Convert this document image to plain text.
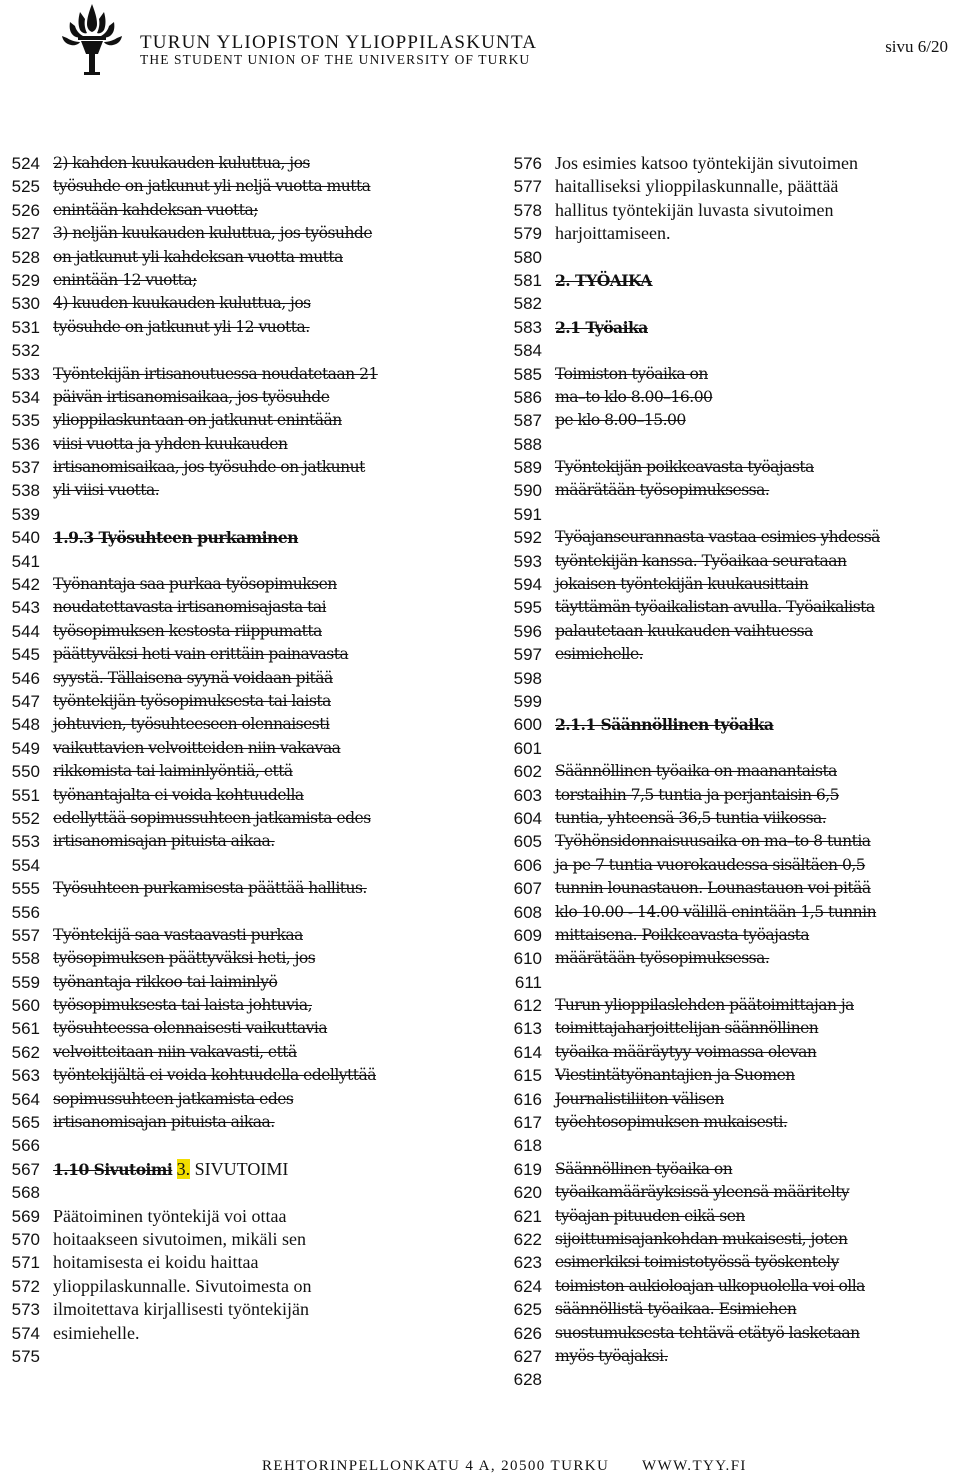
TURUN YLIOPISTON YLIOPPILASKUNTA
THE STUDENT UNION OF THE UNIVERSITY OF TURKU
sivu 6/20
524 2) kahden kuukauden kuluttua, jos
525 työsuhde on jatkunut yli neljä vuotta mutta
526 enintään kahdeksan vuotta;
527 3) neljän kuukauden kuluttua, jos työsuhde
528 on jatkunut yli kahdeksan vuotta mutta
529 enintään 12 vuotta;
530 4) kuuden kuukauden kuluttua, jos
531 työsuhde on jatkunut yli 12 vuotta.
532
533 Työntekijän irtisanoutuessa noudatetaan 21
534 päivän irtisanomisaikaa, jos työsuhde
535 ylioppilaskuntaan on jatkunut enintään
536 viisi vuotta ja yhden kuukauden
537 irtisanomisaikaa, jos työsuhde on jatkunut
538 yli viisi vuotta.
539
540 1.9.3 Työsuhteen purkaminen
541
542 Työnantaja saa purkaa työsopimuksen
543 noudatettavasta irtisanomisajasta tai
544 työsopimuksen kestosta riippumatta
545 päättyväksi heti vain erittäin painavasta
546 syystä. Tällaisena syynä voidaan pitää
547 työntekijän työsopimuksesta tai laista
548 johtuvien, työsuhteeseen olennaisesti
549 vaikuttavien velvoitteiden niin vakavaa
550 rikkomista tai laiminlyöntiä, että
551 työnantajalta ei voida kohtuudella
552 edellyttää sopimussuhteen jatkamista edes
553 irtisanomisajan pituista aikaa.
554
555 Työsuhteen purkamisesta päättää hallitus.
556
557 Työntekijä saa vastaavasti purkaa
558 työsopimuksen päättyväksi heti, jos
559 työnantaja rikkoo tai laiminlyö
560 työsopimuksesta tai laista johtuvia,
561 työsuhteessa olennaisesti vaikuttavia
562 velvoitteitaan niin vakavasti, että
563 työntekijältä ei voida kohtuudella edellyttää
564 sopimussuhteen jatkamista edes
565 irtisanomisajan pituista aikaa.
566
567 1.10 Sivutoimi 3. SIVUTOIMI
568
569 Päätoiminen työntekijä voi ottaa
570 hoitaakseen sivutoimen, mikäli sen
571 hoitamisesta ei koidu haittaa
572 ylioppilaskunnalle. Sivutoimesta on
573 ilmoitettava kirjallisesti työntekijän
574 esimiehelle.
575
576 Jos esimies katsoo työntekijän sivutoimen
577 haitalliseksi ylioppilaskunnalle, päättää
578 hallitus työntekijän luvasta sivutoimen
579 harjoittamiseen.
580
581 2. TYÖAIKA
582
583 2.1 Työaika
584
585 Toimiston työaika on
586 ma–to klo 8.00–16.00
587 pe klo 8.00–15.00
588
589 Työntekijän poikkeavasta työajasta
590 määrätään työsopimuksessa.
591
592 Työajanseurannasta vastaa esimies yhdessä
593 työntekijän kanssa. Työaikaa seurataan
594 jokaisen työntekijän kuukausittain
595 täyttämän työaikalistan avulla. Työaikalista
596 palautetaan kuukauden vaihtuessa
597 esimiehelle.
598
599
600 2.1.1 Säännöllinen työaika
601
602 Säännöllinen työaika on maanantaista
603 torstaihin 7,5 tuntia ja perjantaisin 6,5
604 tuntia, yhteensä 36,5 tuntia viikossa.
605 Työhönsidonnaisuusaika on ma–to 8 tuntia
606 ja pe 7 tuntia vuorokaudessa sisältäen 0,5
607 tunnin lounastauon. Lounastauon voi pitää
608 klo 10.00 - 14.00 välillä enintään 1,5 tunnin
609 mittaisena. Poikkeavasta työajasta
610 määrätään työsopimuksessa.
611
612 Turun ylioppilaslehden päätoimittajan ja
613 toimittajaharjoittelijan säännöllinen
614 työaika määräytyy voimassa olevan
615 Viestintätyönantajien ja Suomen
616 Journalistiliiton välisen
617 työehtosopimuksen mukaisesti.
618
619 Säännöllinen työaika on
620 työaikamääräyksissä yleensä määritelty
621 työajan pituuden eikä sen
622 sijoittumisajankohdan mukaisesti, joten
623 esimerkiksi toimistotyössä työskentely
624 toimiston aukioloajan ulkopuolella voi olla
625 säännöllistä työaikaa. Esimiehen
626 suostumuksesta tehtävä etätyö lasketaan
627 myös työajaksi.
628
REHTORINPELLONKATU 4 A, 20500 TURKU WWW.TYY.FI
